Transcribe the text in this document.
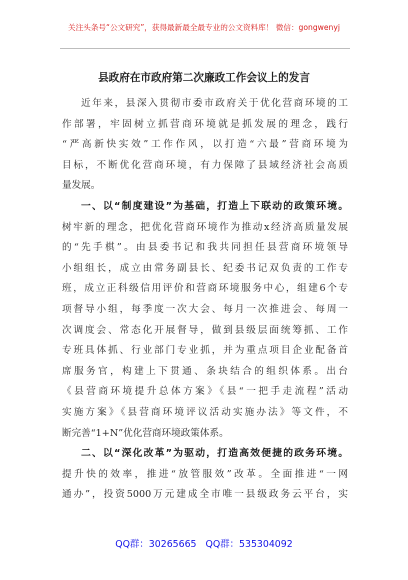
关注头条号“公文研究”，获得最新最全最专业的公文资料库！ 微信：gongwenyj
县政府在市政府第二次廉政工作会议上的发言
近年来，县深入贯彻市委市政府关于优化营商环境的工
作部署，牢固树立抓营商环境就是抓发展的理念，践行
“严高新快实效”工作作风，以打造“六最”营商环境为
目标，不断优化营商环境，有力保障了县域经济社会高质
量发展。
一、以“制度建设”为基础，打造上下联动的政策环境。
树牢新的理念，把优化营商环境作为推动ⅹ经济高质量发展
的“先手棋”。由县委书记和我共同担任县营商环境领导
小组组长，成立由常务副县长、纪委书记双负责的工作专
班，成立正科级信用评价和营商环境服务中心，组建6个专
项督导小组，每季度一次大会、每月一次推进会、每周一
次调度会、常态化开展督导，做到县级层面统筹抓、工作
专班具体抓、行业部门专业抓，并为重点项目企业配备首
席服务官，构建上下贯通、条块结合的组织体系。出台
《县营商环境提升总体方案》《县“一把手走流程”活动
实施方案》《县营商环境评议活动实施办法》等文件，不
断完善“1+N”优化营商环境政策体系。
二、以“深化改革”为驱动，打造高效便捷的政务环境。
提升快的效率，推进“放管服效”改革。全面推进“一网
通办”，投资5000万元建成全市唯一县级政务云平台，实
QQ群：30265665 QQ群：535304092
